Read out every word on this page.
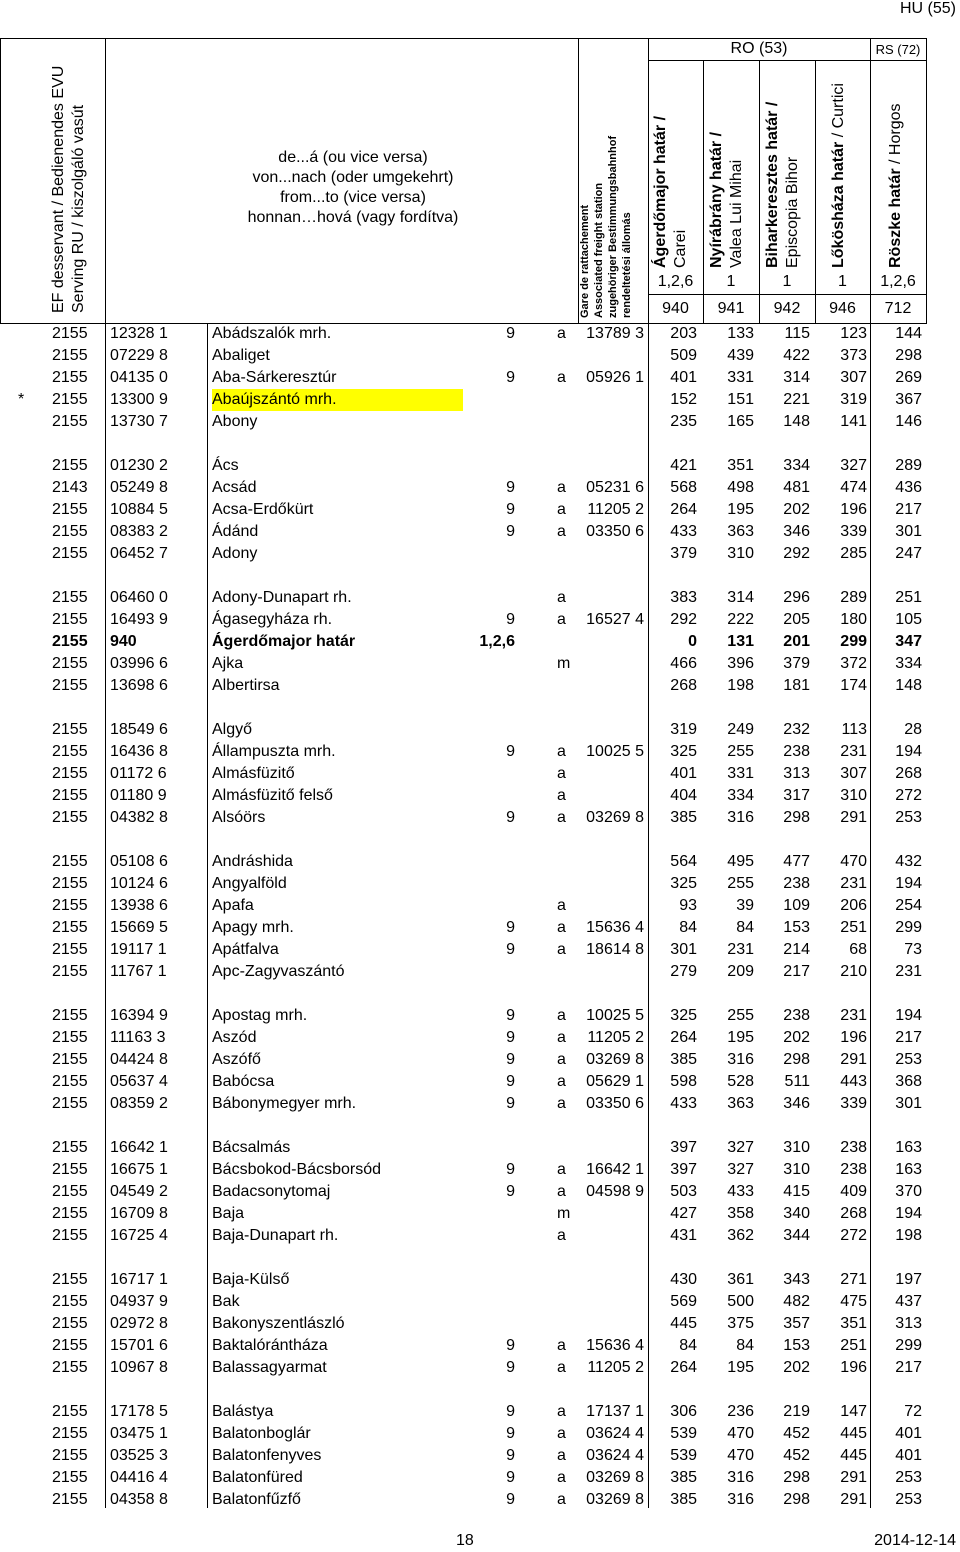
HU (55)
EF desservant / Bedienendes EVU Serving RU / kiszolgáló vasút	de...á (ou vice versa)
von...nach (oder umgekehrt)
from...to (vice versa)
honnan…hová (vagy fordítva)	Gare de rattachement Associated freight station zugehöriger Bestimmungsbahnhof rendeltetési állomás
RO (53)	RS (72)
Ágerdőmajor határ / Carei Nyírábrány határ / Valea Lui Mihai Biharkeresztes határ / Episcopia Bihor Lőkösháza határ / Curtici
Röszke határ / Horgos
1,2,6	1	1	1	1,2,6
940	941	942	946	712
2155 12328 1	Abádszalók mrh.	9	a	13789 3	203	133	115	123	144
2155 07229 8	Abaliget	509	439	422	373	298
2155 04135 0	Aba-Sárkeresztúr	9	a	05926 1	401	331	314	307	269
* 2155 13300 9	Abaújszántó mrh.	152	151	221	319	367
2155 13730 7	Abony	235	165	148	141	146
2155 01230 2	Ács	421	351	334	327	289
2143 05249 8	Acsád	9	a	05231 6	568	498	481	474	436
2155 10884 5	Acsa-Erdőkürt	9	a	11205 2	264	195	202	196	217
2155 08383 2	Ádánd	9	a	03350 6	433	363	346	339	301
2155 06452 7	Adony	379	310	292	285	247
2155 06460 0	Adony-Dunapart rh.	a	383	314	296	289	251
2155 16493 9	Ágasegyháza rh.	9	a	16527 4	292	222	205	180	105
2155 940	Ágerdőmajor határ	1,2,6	0	131	201	299	347
2155 03996 6	Ajka	m	466	396	379	372	334
2155 13698 6	Albertirsa	268	198	181	174	148
2155 18549 6	Algyő	319	249	232	113	28
2155 16436 8	Állampuszta mrh.	9	a	10025 5	325	255	238	231	194
2155 01172 6	Almásfüzitő	a	401	331	313	307	268
2155 01180 9	Almásfüzitő felső	a	404	334	317	310	272
2155 04382 8	Alsóörs	9	a	03269 8	385	316	298	291	253
2155 05108 6	Andráshida	564	495	477	470	432
2155 10124 6	Angyalföld	325	255	238	231	194
2155 13938 6	Apafa	a	93	39	109	206	254
2155 15669 5	Apagy mrh.	9	a	15636 4	84	84	153	251	299
2155 19117 1	Apátfalva	9	a	18614 8	301	231	214	68	73
2155 11767 1	Apc-Zagyvaszántó	279	209	217	210	231
2155 16394 9	Apostag mrh.	9	a	10025 5	325	255	238	231	194
2155 11163 3	Aszód	9	a	11205 2	264	195	202	196	217
2155 04424 8	Aszófő	9	a	03269 8	385	316	298	291	253
2155 05637 4	Babócsa	9	a	05629 1	598	528	511	443	368
2155 08359 2	Bábonymegyer mrh.	9	a	03350 6	433	363	346	339	301
2155 16642 1	Bácsalmás	397	327	310	238	163
2155 16675 1	Bácsbokod-Bácsborsód	9	a	16642 1	397	327	310	238	163
2155 04549 2	Badacsonytomaj	9	a	04598 9	503	433	415	409	370
2155 16709 8	Baja	m	427	358	340	268	194
2155 16725 4	Baja-Dunapart rh.	a	431	362	344	272	198
2155 16717 1	Baja-Külső	430	361	343	271	197
2155 04937 9	Bak	569	500	482	475	437
2155 02972 8	Bakonyszentlászló	445	375	357	351	313
2155 15701 6	Baktalórántháza	9	a	15636 4	84	84	153	251	299
2155 10967 8	Balassagyarmat	9	a	11205 2	264	195	202	196	217
2155 17178 5	Balástya	9	a	17137 1	306	236	219	147	72
2155 03475 1	Balatonboglár	9	a	03624 4	539	470	452	445	401
2155 03525 3	Balatonfenyves	9	a	03624 4	539	470	452	445	401
2155 04416 4	Balatonfüred	9	a	03269 8	385	316	298	291	253
2155 04358 8	Balatonfűzfő	9	a	03269 8	385	316	298	291	253
18	2014-12-14
